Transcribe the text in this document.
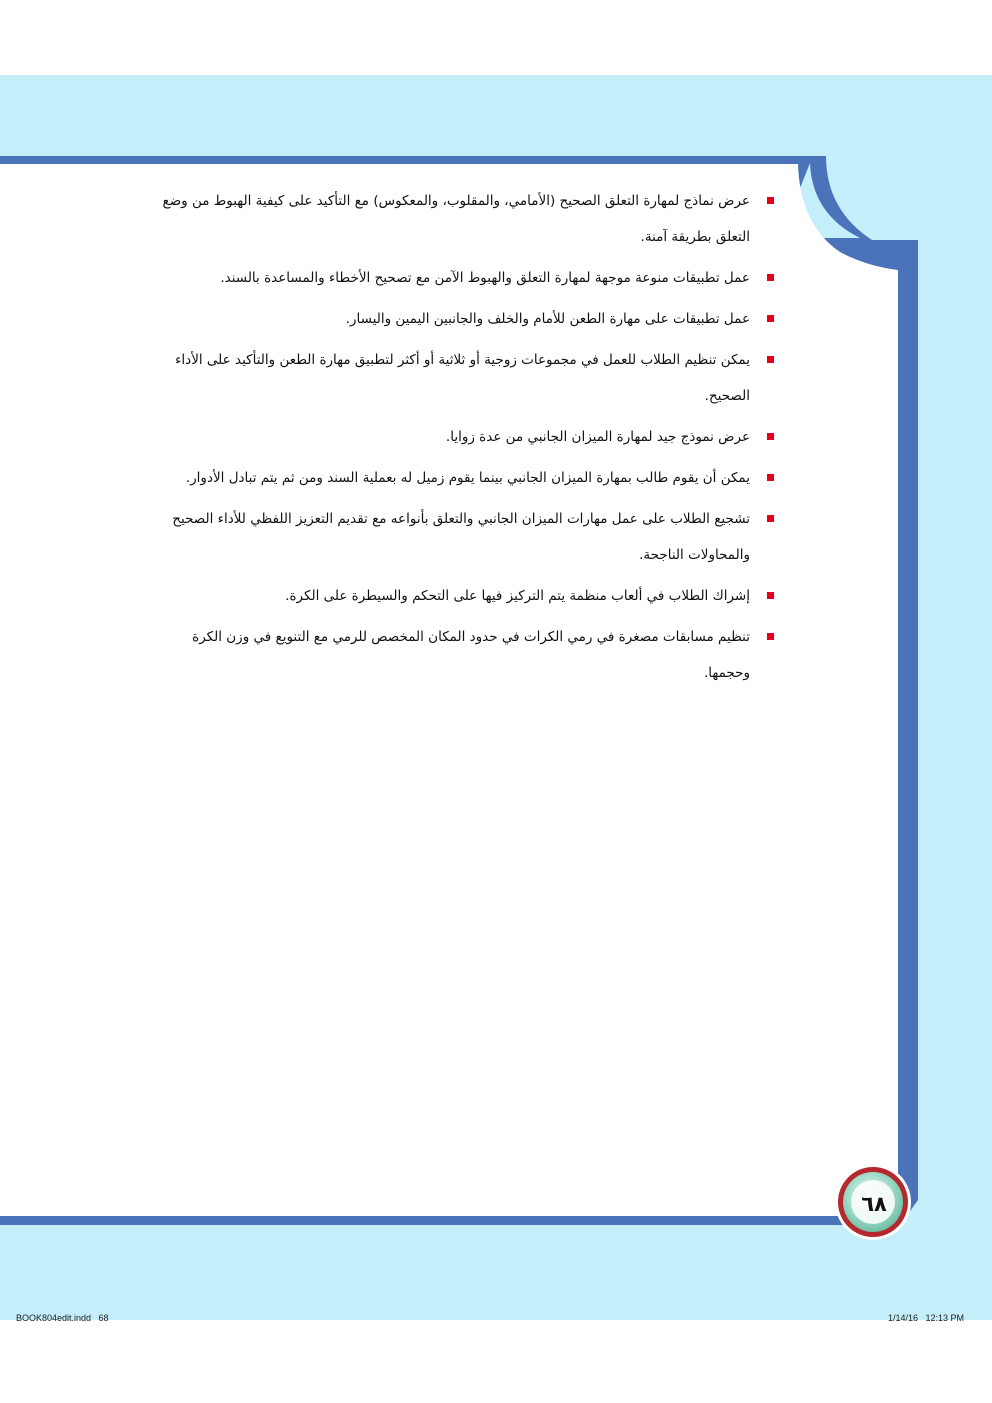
عرض نماذج لمهارة التعلق الصحيح (الأمامي، والمقلوب، والمعكوس) مع التأكيد على كيفية الهبوط من وضع التعلق بطريقة آمنة.
عمل تطبيقات منوعة موجهة لمهارة التعلق والهبوط الآمن مع تصحيح الأخطاء والمساعدة بالسند.
عمل تطبيقات على مهارة الطعن للأمام والخلف والجانبين اليمين واليسار.
يمكن تنظيم الطلاب للعمل في مجموعات زوجية أو ثلاثية أو أكثر لتطبيق مهارة الطعن والتأكيد على الأداء الصحيح.
عرض نموذج جيد لمهارة الميزان الجانبي من عدة زوايا.
يمكن أن يقوم طالب بمهارة الميزان الجانبي بينما يقوم زميل له بعملية السند ومن ثم يتم تبادل الأدوار.
تشجيع الطلاب على عمل مهارات الميزان الجانبي والتعلق بأنواعه مع تقديم التعزيز اللفظي للأداء الصحيح والمحاولات الناجحة.
إشراك الطلاب في ألعاب منظمة يتم التركيز فيها على التحكم والسيطرة على الكرة.
تنظيم مسابقات مصغرة في رمي الكرات في حدود المكان المخصص للرمي مع التنويع في وزن الكرة وحجمها.
٦٨
BOOK804edit.indd   68	1/14/16   12:13 PM
